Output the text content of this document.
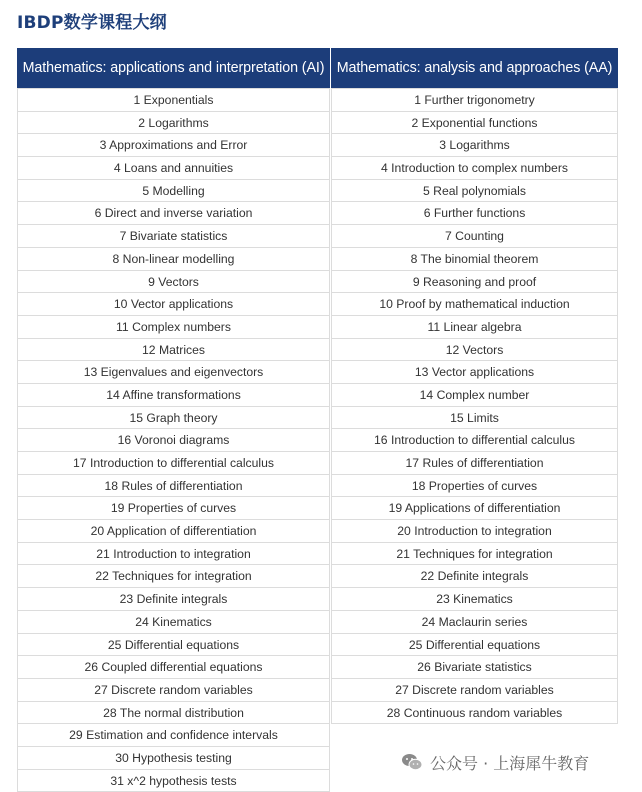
IBDP数学课程大纲
Mathematics: applications and interpretation (AI)
1 Exponentials
2 Logarithms
3 Approximations and Error
4 Loans and annuities
5 Modelling
6 Direct and inverse variation
7 Bivariate statistics
8 Non-linear modelling
9 Vectors
10 Vector applications
11 Complex numbers
12 Matrices
13 Eigenvalues and eigenvectors
14 Affine transformations
15 Graph theory
16 Voronoi diagrams
17 Introduction to differential calculus
18 Rules of differentiation
19 Properties of curves
20 Application of differentiation
21 Introduction to integration
22 Techniques for integration
23 Definite integrals
24 Kinematics
25 Differential equations
26 Coupled differential equations
27 Discrete random variables
28 The normal distribution
29 Estimation and confidence intervals
30 Hypothesis testing
31 x^2 hypothesis tests
Mathematics: analysis and approaches (AA)
1 Further trigonometry
2 Exponential functions
3 Logarithms
4 Introduction to complex numbers
5 Real polynomials
6 Further functions
7 Counting
8 The binomial theorem
9 Reasoning and proof
10 Proof by mathematical induction
11 Linear algebra
12 Vectors
13 Vector applications
14 Complex number
15 Limits
16 Introduction to differential calculus
17 Rules of differentiation
18 Properties of curves
19 Applications of differentiation
20 Introduction to integration
21 Techniques for integration
22 Definite integrals
23 Kinematics
24 Maclaurin series
25 Differential equations
26 Bivariate statistics
27 Discrete random variables
28 Continuous random variables
公众号 · 上海犀牛教育
